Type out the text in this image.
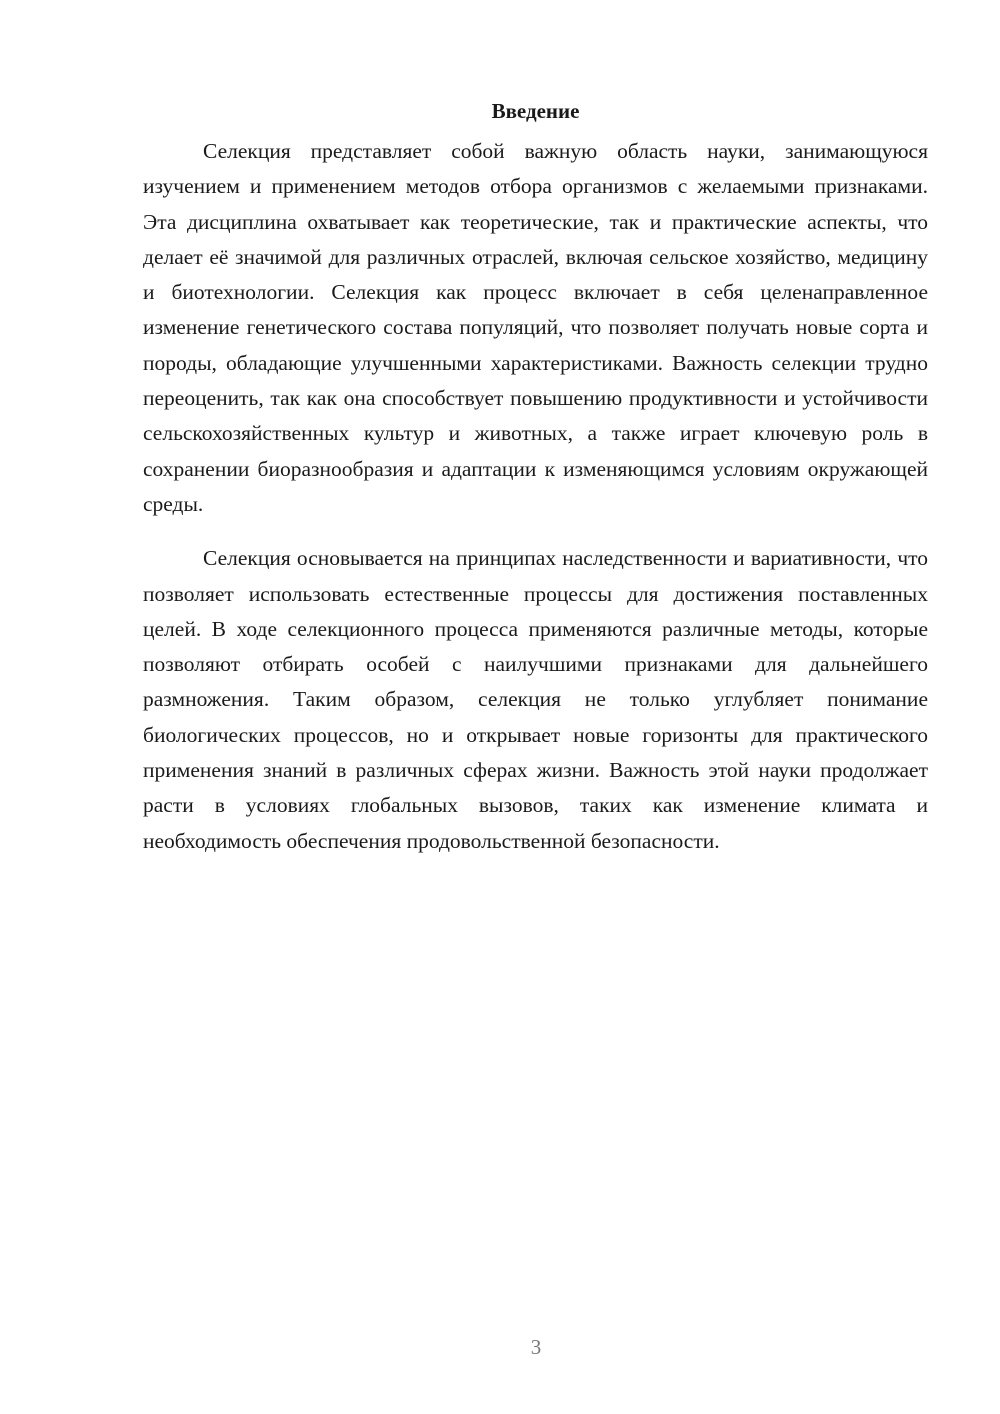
Введение

Селекция представляет собой важную область науки, занимающуюся изучением и применением методов отбора организмов с желаемыми признаками. Эта дисциплина охватывает как теоретические, так и практические аспекты, что делает её значимой для различных отраслей, включая сельское хозяйство, медицину и биотехнологии. Селекция как процесс включает в себя целенаправленное изменение генетического состава популяций, что позволяет получать новые сорта и породы, обладающие улучшенными характеристиками. Важность селекции трудно переоценить, так как она способствует повышению продуктивности и устойчивости сельскохозяйственных культур и животных, а также играет ключевую роль в сохранении биоразнообразия и адаптации к изменяющимся условиям окружающей среды.

Селекция основывается на принципах наследственности и вариативности, что позволяет использовать естественные процессы для достижения поставленных целей. В ходе селекционного процесса применяются различные методы, которые позволяют отбирать особей с наилучшими признаками для дальнейшего размножения. Таким образом, селекция не только углубляет понимание биологических процессов, но и открывает новые горизонты для практического применения знаний в различных сферах жизни. Важность этой науки продолжает расти в условиях глобальных вызовов, таких как изменение климата и необходимость обеспечения продовольственной безопасности.

3
